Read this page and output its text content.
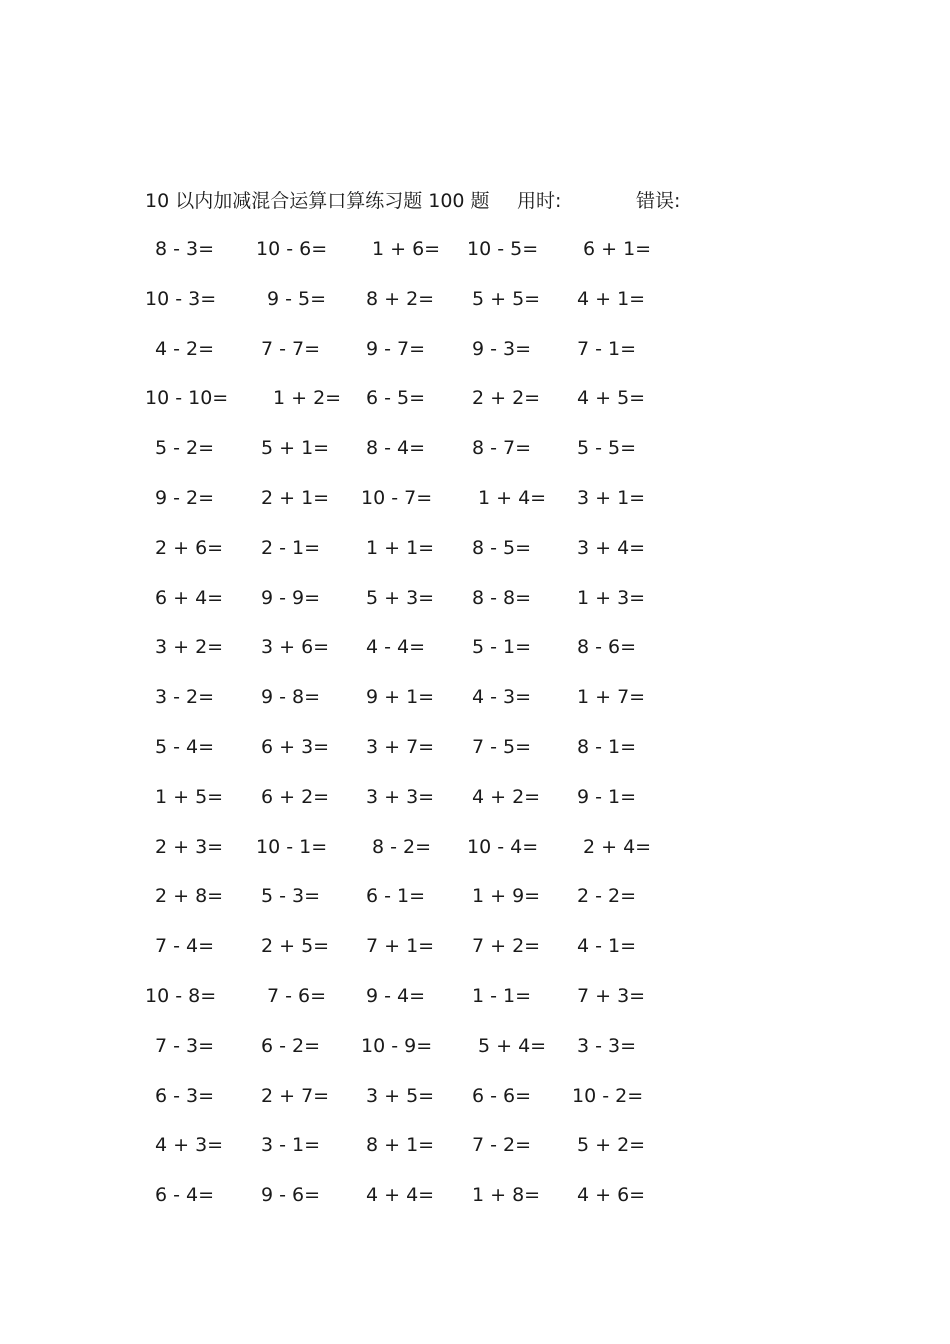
10 以内加减混合运算口算练习题 100 题 用时:	错误:
8 - 3= 10 - 6= 1 + 6= 10 - 5= 6 + 1=
10 - 3=	9 - 5= 8 + 2= 5 + 5= 4 + 1=
4 - 2= 7 - 7= 9 - 7= 9 - 3= 7 - 1=
10 - 10= 1 + 2= 6 - 5= 2 + 2= 4 + 5=
5 - 2= 5 + 1= 8 - 4= 8 - 7= 5 - 5=
9 - 2= 2 + 1= 10 - 7= 1 + 4= 3 + 1=
2 + 6= 2 - 1= 1 + 1= 8 - 5= 3 + 4=
6 + 4= 9 - 9= 5 + 3= 8 - 8= 1 + 3=
3 + 2= 3 + 6= 4 - 4= 5 - 1= 8 - 6=
3 - 2= 9 - 8= 9 + 1= 4 - 3= 1 + 7=
5 - 4= 6 + 3= 3 + 7= 7 - 5= 8 - 1=
1 + 5= 6 + 2= 3 + 3= 4 + 2= 9 - 1=
2 + 3= 10 - 1= 8 - 2= 10 - 4= 2 + 4=
2 + 8= 5 - 3= 6 - 1= 1 + 9= 2 - 2=
7 - 4= 2 + 5= 7 + 1= 7 + 2= 4 - 1=
10 - 8=	7 - 6= 9 - 4= 1 - 1= 7 + 3=
7 - 3= 6 - 2= 10 - 9= 5 + 4= 3 - 3=
6 - 3= 2 + 7= 3 + 5= 6 - 6= 10 - 2=
4 + 3= 3 - 1= 8 + 1= 7 - 2= 5 + 2=
6 - 4= 9 - 6= 4 + 4= 1 + 8= 4 + 6=
